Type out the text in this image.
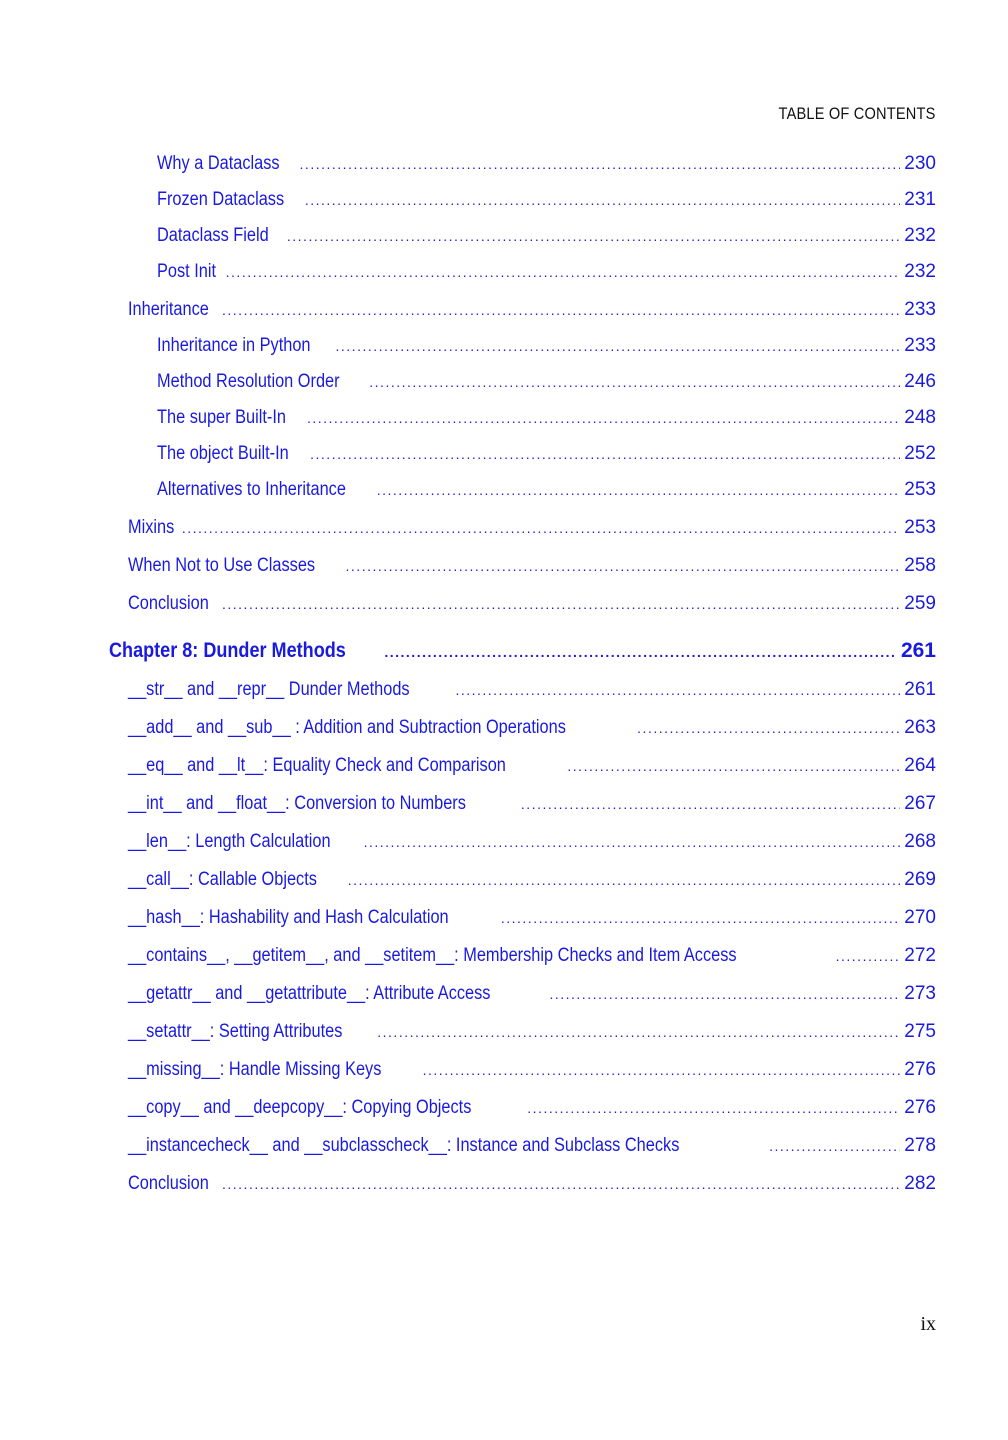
TABLE OF CONTENTS
Why a Dataclass .....	230
Frozen Dataclass .....	231
Dataclass Field .....	232
Post Init .....	232
Inheritance .....	233
Inheritance in Python .....	233
Method Resolution Order .....	246
The super Built-In .....	248
The object Built-In .....	252
Alternatives to Inheritance .....	253
Mixins .....	253
When Not to Use Classes .....	258
Conclusion .....	259
Chapter 8: Dunder Methods .....	261
__str__ and __repr__ Dunder Methods .....	261
__add__ and __sub__ : Addition and Subtraction Operations .....	263
__eq__ and __lt__: Equality Check and Comparison .....	264
__int__ and __float__: Conversion to Numbers .....	267
__len__: Length Calculation .....	268
__call__: Callable Objects .....	269
__hash__: Hashability and Hash Calculation .....	270
__contains__, __getitem__, and __setitem__: Membership Checks and Item Access .....	272
__getattr__ and __getattribute__: Attribute Access .....	273
__setattr__: Setting Attributes .....	275
__missing__: Handle Missing Keys .....	276
__copy__ and __deepcopy__: Copying Objects .....	276
__instancecheck__ and __subclasscheck__: Instance and Subclass Checks .....	278
Conclusion .....	282
ix
